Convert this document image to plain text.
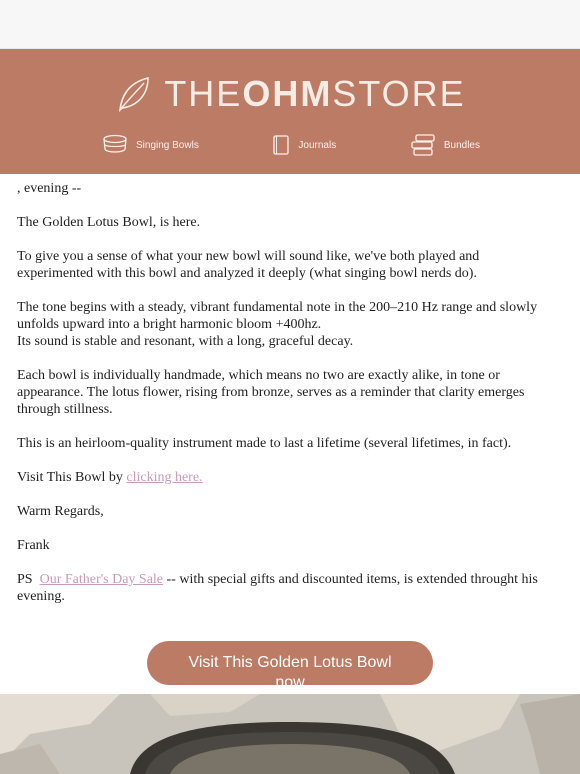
THEOHMSTORE
Singing Bowls	Journals	Bundles

, evening --

The Golden Lotus Bowl, is here.

To give you a sense of what your new bowl will sound like, we've both played and experimented with this bowl and analyzed it deeply (what singing bowl nerds do).

The tone begins with a steady, vibrant fundamental note in the 200–210 Hz range and slowly unfolds upward into a bright harmonic bloom +400hz.
Its sound is stable and resonant, with a long, graceful decay.

Each bowl is individually handmade, which means no two are exactly alike, in tone or appearance. The lotus flower, rising from bronze, serves as a reminder that clarity emerges through stillness.

This is an heirloom-quality instrument made to last a lifetime (several lifetimes, in fact).

Visit This Bowl by clicking here.

Warm Regards,

Frank

PS  Our Father's Day Sale -- with special gifts and discounted items, is extended throught his evening.

Visit This Golden Lotus Bowl now
